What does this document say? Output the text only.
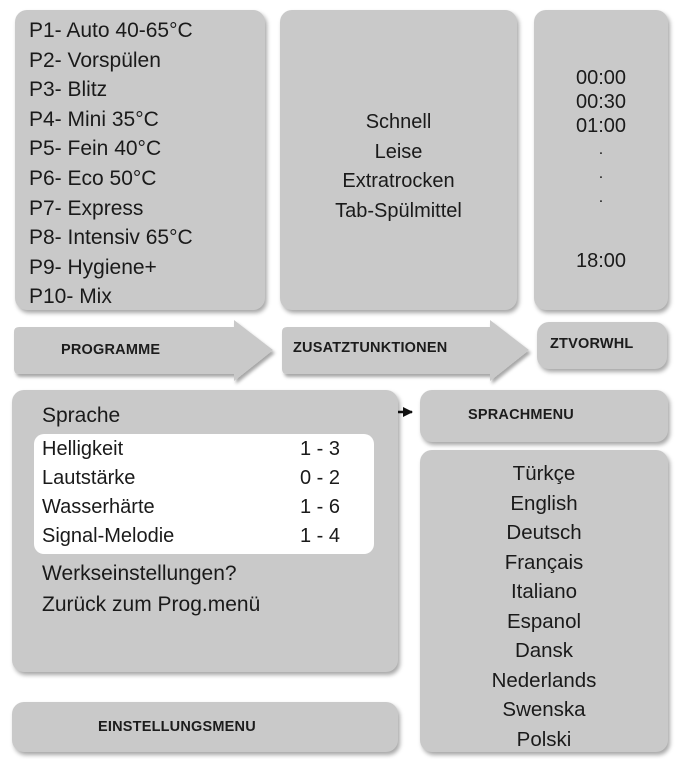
P1- Auto 40-65°C
P2- Vorspülen
P3- Blitz
P4- Mini 35°C
P5- Fein 40°C
P6- Eco 50°C
P7- Express
P8- Intensiv 65°C
P9- Hygiene+
P10- Mix
Schnell
Leise
Extratrocken
Tab-Spülmittel
00:00
00:30
01:00
.
.
.
18:00
PROGRAMME	ZUSATZTUNKTIONEN	ZTVORWHL
Sprache
Helligkeit	1 - 3
Lautstärke	0 - 2
Wasserhärte	1 - 6
Signal-Melodie	1 - 4
Werkseinstellungen?
Zurück zum Prog.menü
EINSTELLUNGSMENU
SPRACHMENU
Türkçe
English
Deutsch
Français
Italiano
Espanol
Dansk
Nederlands
Swenska
Polski
